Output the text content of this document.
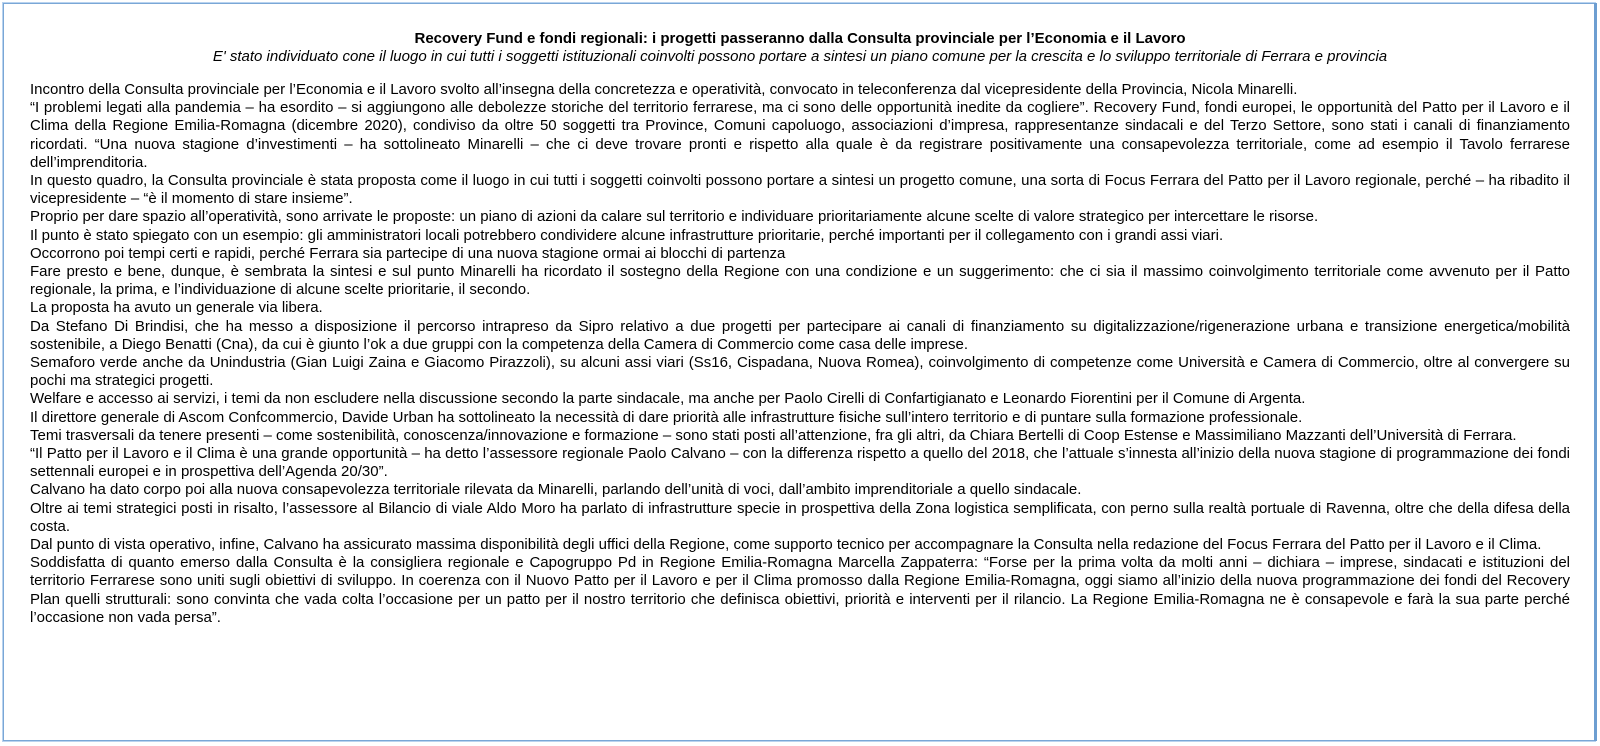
Recovery Fund e fondi regionali: i progetti passeranno dalla Consulta provinciale per l’Economia e il Lavoro

E' stato individuato cone il luogo in cui tutti i soggetti istituzionali coinvolti possono portare a sintesi un piano comune per la crescita e lo sviluppo territoriale di Ferrara e provincia

Incontro della Consulta provinciale per l’Economia e il Lavoro svolto all’insegna della concretezza e operatività, convocato in teleconferenza dal vicepresidente della Provincia, Nicola Minarelli.

“I problemi legati alla pandemia – ha esordito – si aggiungono alle debolezze storiche del territorio ferrarese, ma ci sono delle opportunità inedite da cogliere”. Recovery Fund, fondi europei, le opportunità del Patto per il Lavoro e il Clima della Regione Emilia-Romagna (dicembre 2020), condiviso da oltre 50 soggetti tra Province, Comuni capoluogo, associazioni d’impresa, rappresentanze sindacali e del Terzo Settore, sono stati i canali di finanziamento ricordati. “Una nuova stagione d’investimenti – ha sottolineato Minarelli – che ci deve trovare pronti e rispetto alla quale è da registrare positivamente una consapevolezza territoriale, come ad esempio il Tavolo ferrarese dell’imprenditoria.

In questo quadro, la Consulta provinciale è stata proposta come il luogo in cui tutti i soggetti coinvolti possono portare a sintesi un progetto comune, una sorta di Focus Ferrara del Patto per il Lavoro regionale, perché – ha ribadito il vicepresidente – “è il momento di stare insieme”.

Proprio per dare spazio all’operatività, sono arrivate le proposte: un piano di azioni da calare sul territorio e individuare prioritariamente alcune scelte di valore strategico per intercettare le risorse.

Il punto è stato spiegato con un esempio: gli amministratori locali potrebbero condividere alcune infrastrutture prioritarie, perché importanti per il collegamento con i grandi assi viari.

Occorrono poi tempi certi e rapidi, perché Ferrara sia partecipe di una nuova stagione ormai ai blocchi di partenza

Fare presto e bene, dunque, è sembrata la sintesi e sul punto Minarelli ha ricordato il sostegno della Regione con una condizione e un suggerimento: che ci sia il massimo coinvolgimento territoriale come avvenuto per il Patto regionale, la prima, e l’individuazione di alcune scelte prioritarie, il secondo.

La proposta ha avuto un generale via libera.

Da Stefano Di Brindisi, che ha messo a disposizione il percorso intrapreso da Sipro relativo a due progetti per partecipare ai canali di finanziamento su digitalizzazione/rigenerazione urbana e transizione energetica/mobilità sostenibile, a Diego Benatti (Cna), da cui è giunto l’ok a due gruppi con la competenza della Camera di Commercio come casa delle imprese.

Semaforo verde anche da Unindustria (Gian Luigi Zaina e Giacomo Pirazzoli), su alcuni assi viari (Ss16, Cispadana, Nuova Romea), coinvolgimento di competenze come Università e Camera di Commercio, oltre al convergere su pochi ma strategici progetti.

Welfare e accesso ai servizi, i temi da non escludere nella discussione secondo la parte sindacale, ma anche per Paolo Cirelli di Confartigianato e Leonardo Fiorentini per il Comune di Argenta.

Il direttore generale di Ascom Confcommercio, Davide Urban ha sottolineato la necessità di dare priorità alle infrastrutture fisiche sull’intero territorio e di puntare sulla formazione professionale.

Temi trasversali da tenere presenti – come sostenibilità, conoscenza/innovazione e formazione – sono stati posti all’attenzione, fra gli altri, da Chiara Bertelli di Coop Estense e Massimiliano Mazzanti dell’Università di Ferrara.

“Il Patto per il Lavoro e il Clima è una grande opportunità – ha detto l’assessore regionale Paolo Calvano – con la differenza rispetto a quello del 2018, che l’attuale s’innesta all’inizio della nuova stagione di programmazione dei fondi settennali europei e in prospettiva dell’Agenda 20/30”.

Calvano ha dato corpo poi alla nuova consapevolezza territoriale rilevata da Minarelli, parlando dell’unità di voci, dall’ambito imprenditoriale a quello sindacale.

Oltre ai temi strategici posti in risalto, l’assessore al Bilancio di viale Aldo Moro ha parlato di infrastrutture specie in prospettiva della Zona logistica semplificata, con perno sulla realtà portuale di Ravenna, oltre che della difesa della costa.

Dal punto di vista operativo, infine, Calvano ha assicurato massima disponibilità degli uffici della Regione, come supporto tecnico per accompagnare la Consulta nella redazione del Focus Ferrara del Patto per il Lavoro e il Clima.

Soddisfatta di quanto emerso dalla Consulta è la consigliera regionale e Capogruppo Pd in Regione Emilia-Romagna Marcella Zappaterra: “Forse per la prima volta da molti anni – dichiara – imprese, sindacati e istituzioni del territorio Ferrarese sono uniti sugli obiettivi di sviluppo. In coerenza con il Nuovo Patto per il Lavoro e per il Clima promosso dalla Regione Emilia-Romagna, oggi siamo all’inizio della nuova programmazione dei fondi del Recovery Plan quelli strutturali: sono convinta che vada colta l’occasione per un patto per il nostro territorio che definisca obiettivi, priorità e interventi per il rilancio. La Regione Emilia-Romagna ne è consapevole e farà la sua parte perché l’occasione non vada persa”.
